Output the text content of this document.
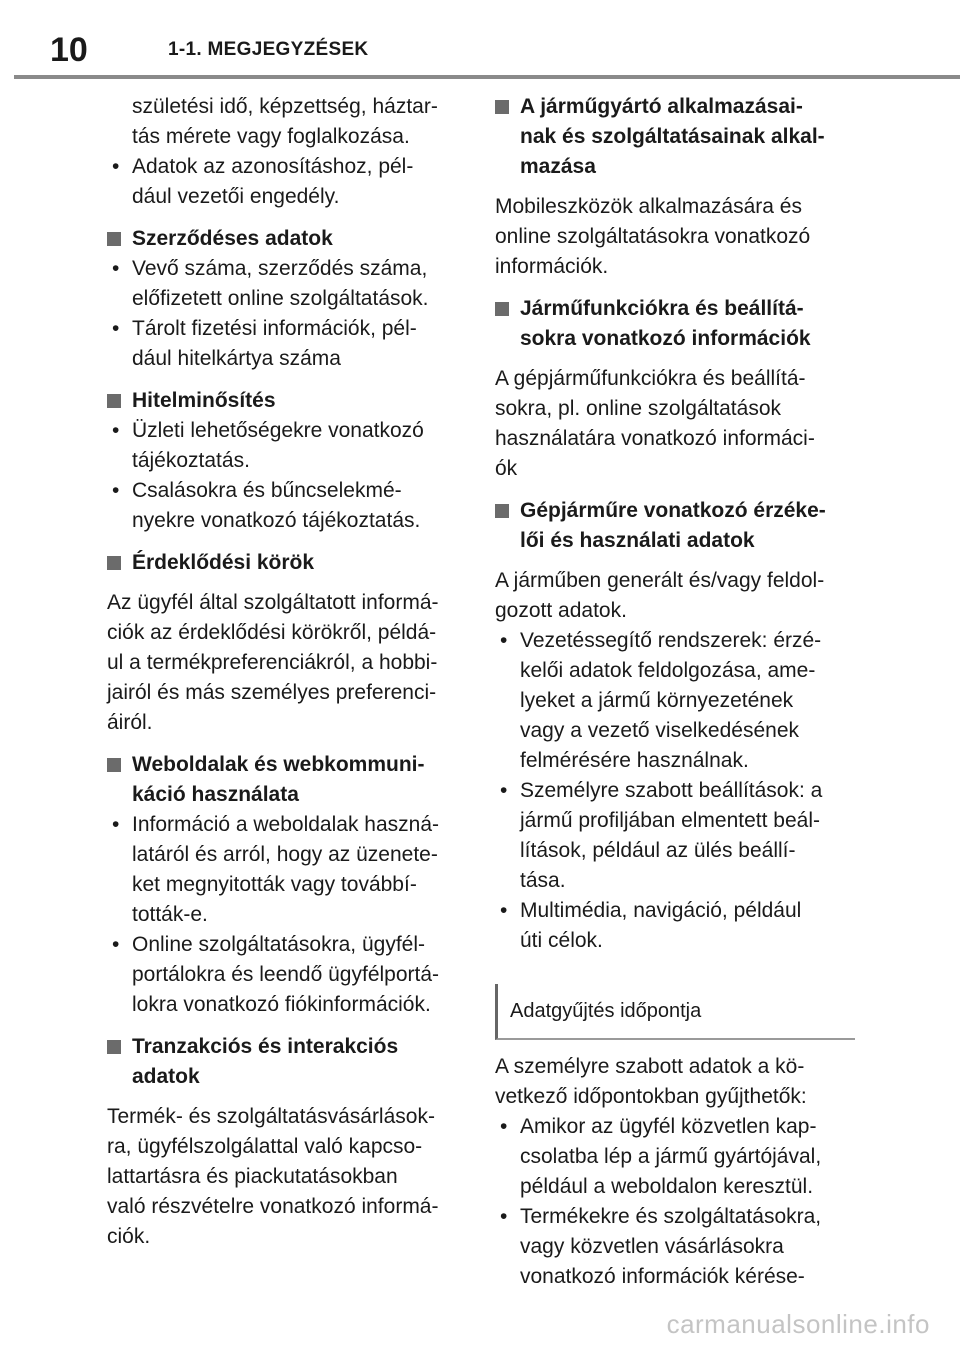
10	1-1. MEGJEGYZÉSEK

születési idő, képzettség, háztar-

tás mérete vagy foglalkozása.

• Adatok az azonosításhoz, pél-

dául vezetői engedély.

Szerződéses adatok

• Vevő száma, szerződés száma,

előfizetett online szolgáltatások.

• Tárolt fizetési információk, pél-

dául hitelkártya száma

Hitelminősítés

• Üzleti lehetőségekre vonatkozó

tájékoztatás.

• Csalásokra és bűncselekmé-

nyekre vonatkozó tájékoztatás.

Érdeklődési körök

Az ügyfél által szolgáltatott informá-

ciók az érdeklődési körökről, példá-

ul a termékpreferenciákról, a hobbi-

jairól és más személyes preferenci-

áiról.

Weboldalak és webkommuni-
káció használata

• Információ a weboldalak haszná-

latáról és arról, hogy az üzenete-

ket megnyitották vagy továbbí-

tották-e.

• Online szolgáltatásokra, ügyfél-

portálokra és leendő ügyfélportá-

lokra vonatkozó fiókinformációk.

Tranzakciós és interakciós
adatok

Termék- és szolgáltatásvásárlások-

ra, ügyfélszolgálattal való kapcso-

lattartásra és piackutatásokban

való részvételre vonatkozó informá-

ciók.

A járműgyártó alkalmazásai-
nak és szolgáltatásainak alkal-
mazása

Mobileszközök alkalmazására és

online szolgáltatásokra vonatkozó

információk.

Járműfunkciókra és beállítá-
sokra vonatkozó információk

A gépjárműfunkciókra és beállítá-

sokra, pl. online szolgáltatások

használatára vonatkozó informáci-

ók

Gépjárműre vonatkozó érzéke-
lői és használati adatok

A járműben generált és/vagy feldol-

gozott adatok.

• Vezetéssegítő rendszerek: érzé-

kelői adatok feldolgozása, ame-

lyeket a jármű környezetének

vagy a vezető viselkedésének

felmérésére használnak.

• Személyre szabott beállítások: a

jármű profiljában elmentett beál-

lítások, például az ülés beállí-

tása.

• Multimédia, navigáció, például

úti célok.

Adatgyűjtés időpontja

A személyre szabott adatok a kö-

vetkező időpontokban gyűjthetők:

• Amikor az ügyfél közvetlen kap-

csolatba lép a jármű gyártójával,

például a weboldalon keresztül.

• Termékekre és szolgáltatásokra,

vagy közvetlen vásárlásokra

vonatkozó információk kérése-

carmanualsonline.info
